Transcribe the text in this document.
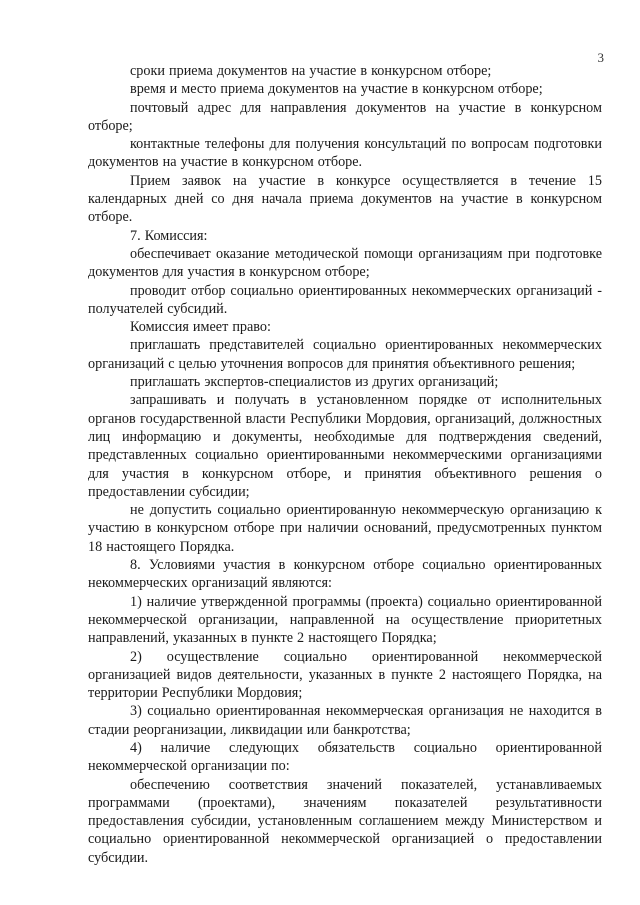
3

сроки приема документов на участие в конкурсном отборе;

время и место приема документов на участие в конкурсном отборе;

почтовый адрес для направления документов на участие в конкурсном отборе;

контактные телефоны для получения консультаций по вопросам подготовки документов на участие в конкурсном отборе.

Прием заявок на участие в конкурсе осуществляется в течение 15 календарных дней со дня начала приема документов на участие в конкурсном отборе.

7. Комиссия:

обеспечивает оказание методической помощи организациям при подготовке документов для участия в конкурсном отборе;

проводит отбор социально ориентированных некоммерческих организаций - получателей субсидий.

Комиссия имеет право:

приглашать представителей социально ориентированных некоммерческих организаций с целью уточнения вопросов для принятия объективного решения;

приглашать экспертов-специалистов из других организаций;

запрашивать и получать в установленном порядке от исполнительных органов государственной власти Республики Мордовия, организаций, должностных лиц информацию и документы, необходимые для подтверждения сведений, представленных социально ориентированными некоммерческими организациями для участия в конкурсном отборе, и принятия объективного решения о предоставлении субсидии;

не допустить социально ориентированную некоммерческую организацию к участию в конкурсном отборе при наличии оснований, предусмотренных пунктом 18 настоящего Порядка.

8. Условиями участия в конкурсном отборе социально ориентированных некоммерческих организаций являются:

1) наличие утвержденной программы (проекта) социально ориентированной некоммерческой организации, направленной на осуществление приоритетных направлений, указанных в пункте 2 настоящего Порядка;

2) осуществление социально ориентированной некоммерческой организацией видов деятельности, указанных в пункте 2 настоящего Порядка, на территории Республики Мордовия;

3) социально ориентированная некоммерческая организация не находится в стадии реорганизации, ликвидации или банкротства;

4) наличие следующих обязательств социально ориентированной некоммерческой организации по:

обеспечению соответствия значений показателей, устанавливаемых программами (проектами), значениям показателей результативности предоставления субсидии, установленным соглашением между Министерством и социально ориентированной некоммерческой организацией о предоставлении субсидии.
